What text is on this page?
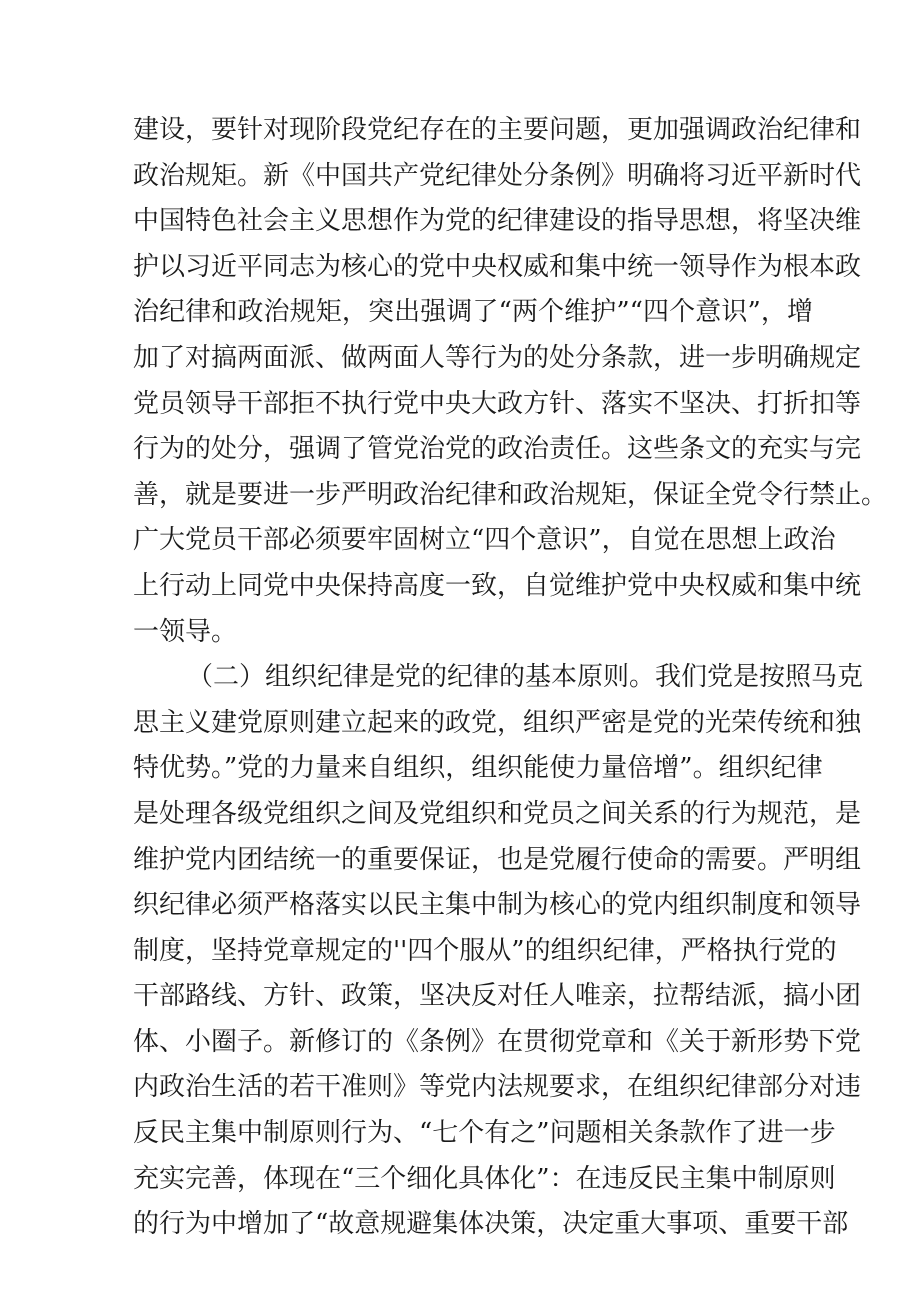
建设，要针对现阶段党纪存在的主要问题，更加强调政治纪律和
政治规矩。新《中国共产党纪律处分条例》明确将习近平新时代
中国特色社会主义思想作为党的纪律建设的指导思想，将坚决维
护以习近平同志为核心的党中央权威和集中统一领导作为根本政
治纪律和政治规矩，突出强调了“两个维护”“四个意识”，增
加了对搞两面派、做两面人等行为的处分条款，进一步明确规定
党员领导干部拒不执行党中央大政方针、落实不坚决、打折扣等
行为的处分，强调了管党治党的政治责任。这些条文的充实与完
善，就是要进一步严明政治纪律和政治规矩，保证全党令行禁止。
广大党员干部必须要牢固树立“四个意识”，自觉在思想上政治
上行动上同党中央保持高度一致，自觉维护党中央权威和集中统
一领导。
（二）组织纪律是党的纪律的基本原则。我们党是按照马克
思主义建党原则建立起来的政党，组织严密是党的光荣传统和独
特优势。”党的力量来自组织，组织能使力量倍增”。组织纪律
是处理各级党组织之间及党组织和党员之间关系的行为规范，是
维护党内团结统一的重要保证，也是党履行使命的需要。严明组
织纪律必须严格落实以民主集中制为核心的党内组织制度和领导
制度，坚持党章规定的''四个服从”的组织纪律，严格执行党的
干部路线、方针、政策，坚决反对任人唯亲，拉帮结派，搞小团
体、小圈子。新修订的《条例》在贯彻党章和《关于新形势下党
内政治生活的若干准则》等党内法规要求，在组织纪律部分对违
反民主集中制原则行为、“七个有之”问题相关条款作了进一步
充实完善，体现在“三个细化具体化”：在违反民主集中制原则
的行为中增加了“故意规避集体决策，决定重大事项、重要干部
